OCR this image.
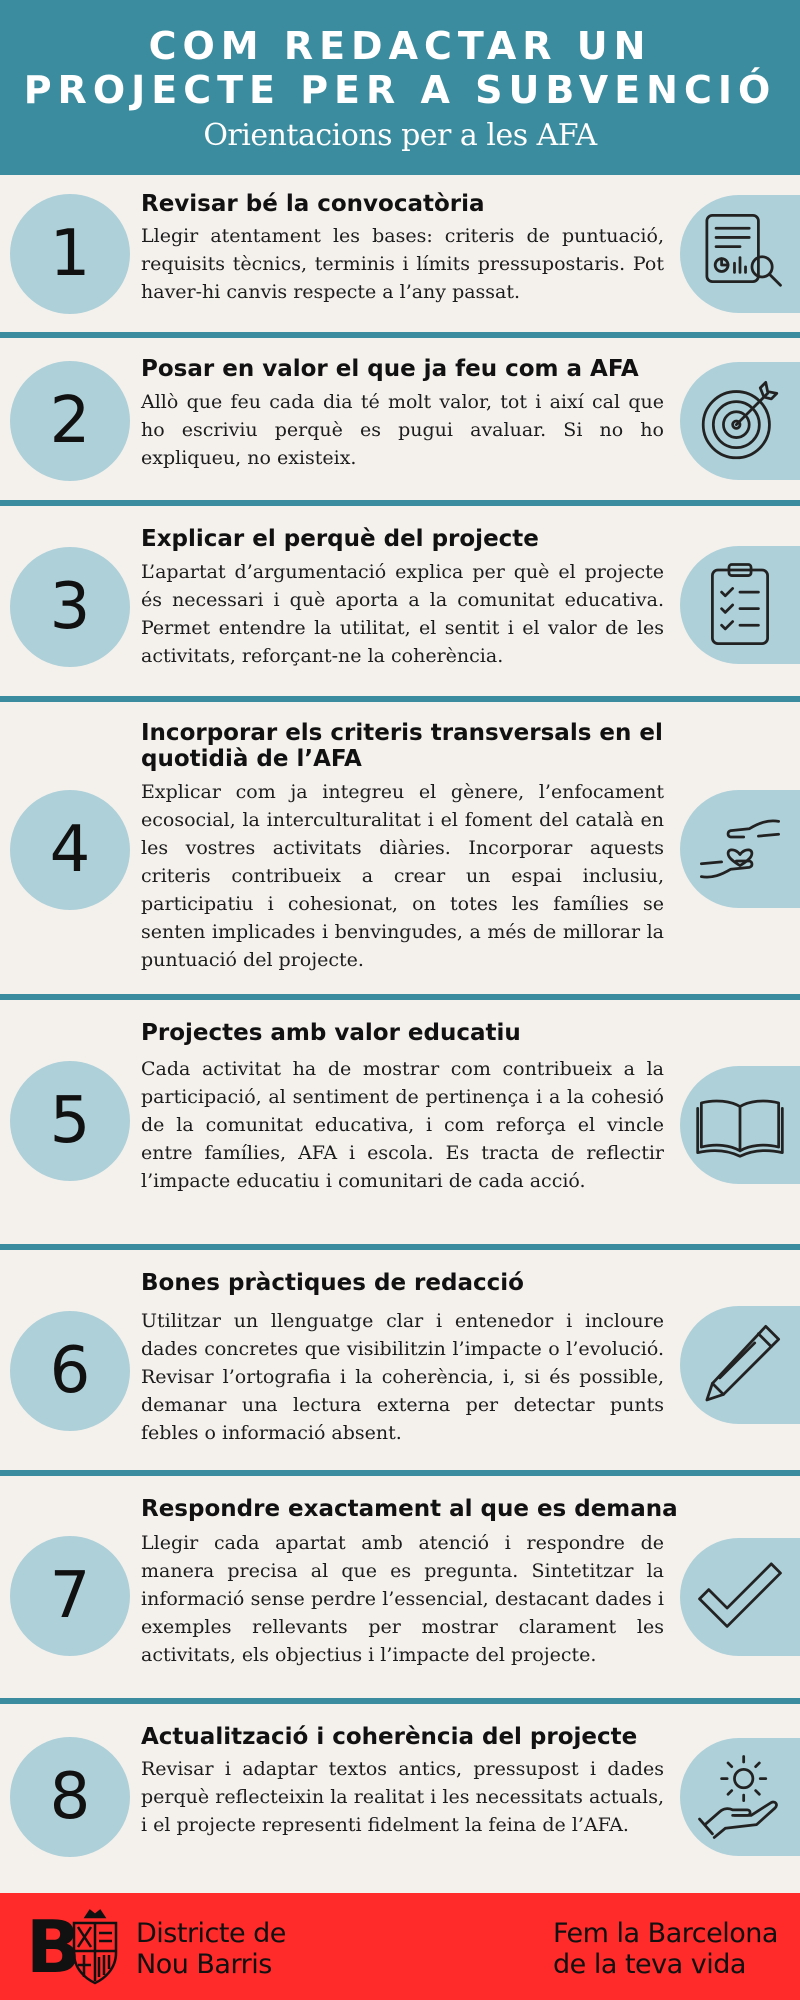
COM REDACTAR UN
PROJECTE PER A SUBVENCIÓ
Orientacions per a les AFA
1
Revisar bé la convocatòria
Llegir atentament les bases: criteris de puntuació, requisits tècnics, terminis i límits pressupostaris. Pot haver-hi canvis respecte a l’any passat.
2
Posar en valor el que ja feu com a AFA
Allò que feu cada dia té molt valor, tot i així cal que ho escriviu perquè es pugui avaluar. Si no ho expliqueu, no existeix.
3
Explicar el perquè del projecte
L’apartat d’argumentació explica per què el projecte és necessari i què aporta a la comunitat educativa. Permet entendre la utilitat, el sentit i el valor de les activitats, reforçant-ne la coherència.
4
Incorporar els criteris transversals en el quotidià de l’AFA
Explicar com ja integreu el gènere, l’enfocament ecosocial, la interculturalitat i el foment del català en les vostres activitats diàries. Incorporar aquests criteris contribueix a crear un espai inclusiu, participatiu i cohesionat, on totes les famílies se senten implicades i benvingudes, a més de millorar la puntuació del projecte.
5
Projectes amb valor educatiu
Cada activitat ha de mostrar com contribueix a la participació, al sentiment de pertinença i a la cohesió de la comunitat educativa, i com reforça el vincle entre famílies, AFA i escola. Es tracta de reflectir l’impacte educatiu i comunitari de cada acció.
6
Bones pràctiques de redacció
Utilitzar un llenguatge clar i entenedor i incloure dades concretes que visibilitzin l’impacte o l’evolució. Revisar l’ortografia i la coherència, i, si és possible, demanar una lectura externa per detectar punts febles o informació absent.
7
Respondre exactament al que es demana
Llegir cada apartat amb atenció i respondre de manera precisa al que es pregunta. Sintetitzar la informació sense perdre l’essencial, destacant dades i exemples rellevants per mostrar clarament les activitats, els objectius i l’impacte del projecte.
8
Actualització i coherència del projecte
Revisar i adaptar textos antics, pressupost i dades perquè reflecteixin la realitat i les necessitats actuals, i el projecte representi fidelment la feina de l’AFA.
B Districte de
Nou Barris
Fem la Barcelona
de la teva vida
